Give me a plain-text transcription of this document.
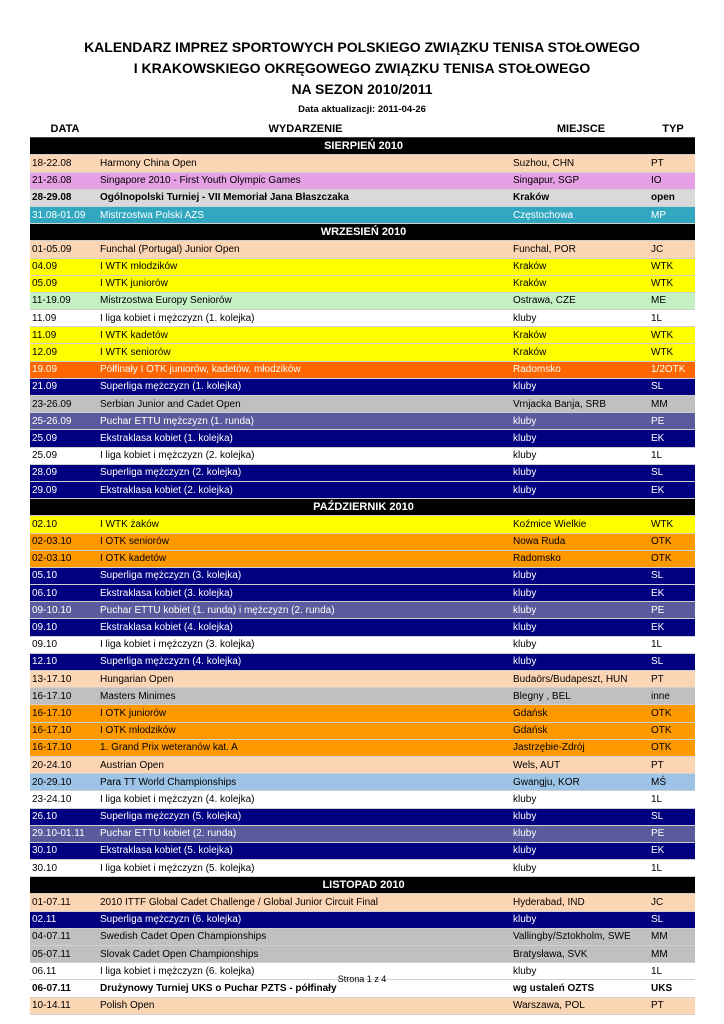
KALENDARZ IMPREZ SPORTOWYCH POLSKIEGO ZWIĄZKU TENISA STOŁOWEGO
I KRAKOWSKIEGO OKRĘGOWEGO ZWIĄZKU TENISA STOŁOWEGO
NA SEZON 2010/2011
Data aktualizacji: 2011-04-26
DATA	WYDARZENIE	MIEJSCE	TYP
SIERPIEŃ 2010			
18-22.08	Harmony China Open	Suzhou, CHN	PT
21-26.08	Singapore 2010 - First Youth Olympic Games	Singapur, SGP	IO
28-29.08	Ogólnopolski Turniej - VII Memoriał Jana Błaszczaka	Kraków	open
31.08-01.09	Mistrzostwa Polski AZS	Częstochowa	MP
WRZESIEŃ 2010			
01-05.09	Funchal (Portugal) Junior Open	Funchal, POR	JC
04.09	I WTK młodzików	Kraków	WTK
05.09	I WTK juniorów	Kraków	WTK
11-19.09	Mistrzostwa Europy Seniorów	Ostrawa, CZE	ME
11.09	I liga kobiet i mężczyzn (1. kolejka)	kluby	1L
11.09	I WTK kadetów	Kraków	WTK
12.09	I WTK seniorów	Kraków	WTK
19.09	Półfinały I OTK juniorów, kadetów, młodzików	Radomsko	1/2OTK
21.09	Superliga mężczyzn (1. kolejka)	kluby	SL
23-26.09	Serbian Junior and Cadet Open	Vrnjacka Banja, SRB	MM
25-26.09	Puchar ETTU mężczyzn (1. runda)	kluby	PE
25.09	Ekstraklasa kobiet (1. kolejka)	kluby	EK
25.09	I liga kobiet i mężczyzn (2. kolejka)	kluby	1L
28.09	Superliga mężczyzn (2. kolejka)	kluby	SL
29.09	Ekstraklasa kobiet (2. kolejka)	kluby	EK
PAŹDZIERNIK 2010			
02.10	I WTK żaków	Koźmice Wielkie	WTK
02-03.10	I OTK seniorów	Nowa Ruda	OTK
02-03.10	I OTK kadetów	Radomsko	OTK
05.10	Superliga mężczyzn (3. kolejka)	kluby	SL
06.10	Ekstraklasa kobiet (3. kolejka)	kluby	EK
09-10.10	Puchar ETTU kobiet (1. runda) i mężczyzn (2. runda)	kluby	PE
09.10	Ekstraklasa kobiet (4. kolejka)	kluby	EK
09.10	I liga kobiet i mężczyzn (3. kolejka)	kluby	1L
12.10	Superliga mężczyzn (4. kolejka)	kluby	SL
13-17.10	Hungarian Open	Budaörs/Budapeszt, HUN	PT
16-17.10	Masters Minimes	Blegny , BEL	inne
16-17.10	I OTK juniorów	Gdańsk	OTK
16-17.10	I OTK młodzików	Gdańsk	OTK
16-17.10	1. Grand Prix weteranów kat. A	Jastrzębie-Zdrój	OTK
20-24.10	Austrian Open	Wels, AUT	PT
20-29.10	Para TT World Championships	Gwangju, KOR	MŚ
23-24.10	I liga kobiet i mężczyzn (4. kolejka)	kluby	1L
26.10	Superliga mężczyzn (5. kolejka)	kluby	SL
29.10-01.11	Puchar ETTU kobiet (2. runda)	kluby	PE
30.10	Ekstraklasa kobiet (5. kolejka)	kluby	EK
30.10	I liga kobiet i mężczyzn (5. kolejka)	kluby	1L
LISTOPAD 2010			
01-07.11	2010 ITTF Global Cadet Challenge / Global Junior Circuit Final	Hyderabad, IND	JC
02.11	Superliga mężczyzn (6. kolejka)	kluby	SL
04-07.11	Swedish Cadet Open Championships	Vallingby/Sztokholm, SWE	MM
05-07.11	Slovak Cadet Open Championships	Bratysława, SVK	MM
06.11	I liga kobiet i mężczyzn (6. kolejka)	kluby	1L
06-07.11	Drużynowy Turniej UKS o Puchar PZTS - półfinały	wg ustaleń OZTS	UKS
10-14.11	Polish Open	Warszawa, POL	PT
Strona 1 z 4
